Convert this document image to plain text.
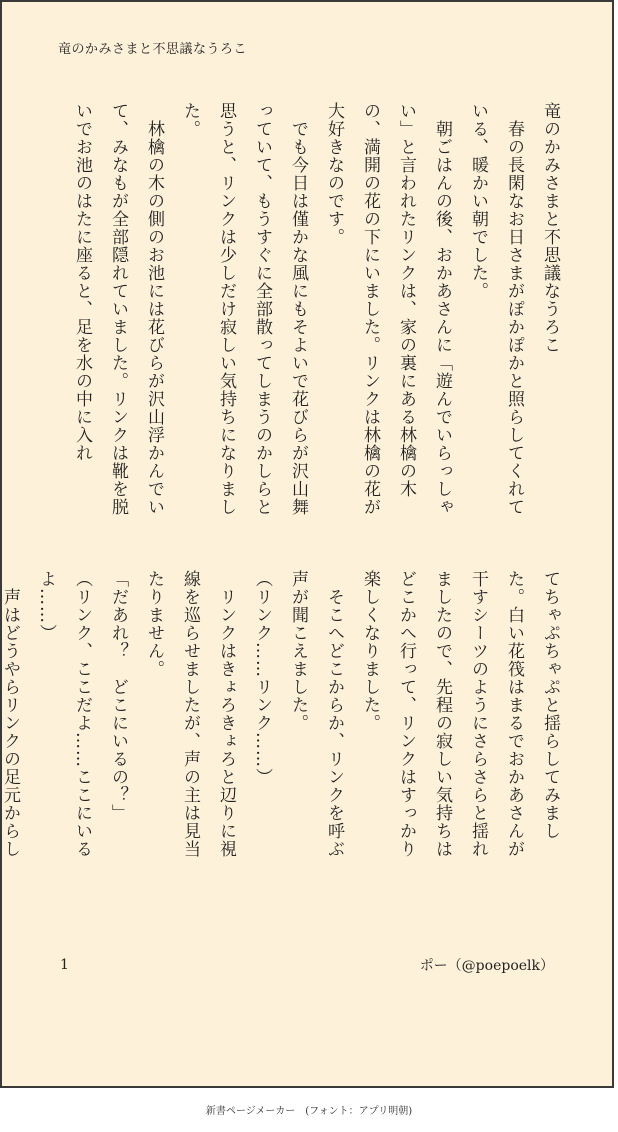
竜のかみさまと不思議なうろこ

竜のかみさまと不思議なうろこ

　春の長閑なお日さまがぽかぽかと照らしてくれている、暖かい朝でした。

　朝ごはんの後、おかあさんに「遊んでいらっしゃい」と言われたリンクは、家の裏にある林檎の木の、満開の花の下にいました。リンクは林檎の花が大好きなのです。

　でも今日は僅かな風にもそよいで花びらが沢山舞っていて、もうすぐに全部散ってしまうのかしらと思うと、リンクは少しだけ寂しい気持ちになりました。

　林檎の木の側のお池には花びらが沢山浮かんでいて、みなもが全部隠れていました。リンクは靴を脱いでお池のはたに座ると、足を水の中に入れ

てちゃぷちゃぷと揺らしてみました。白い花筏はまるでおかあさんが干すシーツのようにさらさらと揺れましたので、先程の寂しい気持ちはどこかへ行って、リンクはすっかり楽しくなりました。

　そこへどこからか、リンクを呼ぶ声が聞こえました。

（リンク……リンク……）

　リンクはきょろきょろと辺りに視線を巡らせましたが、声の主は見当たりません。

「だあれ？　どこにいるの？」

（リンク、ここだよ……ここにいるよ……）

　声はどうやらリンクの足元からし

1	ポー（@poepoelk）
新書ページメーカー　(フォント：アプリ明朝)
